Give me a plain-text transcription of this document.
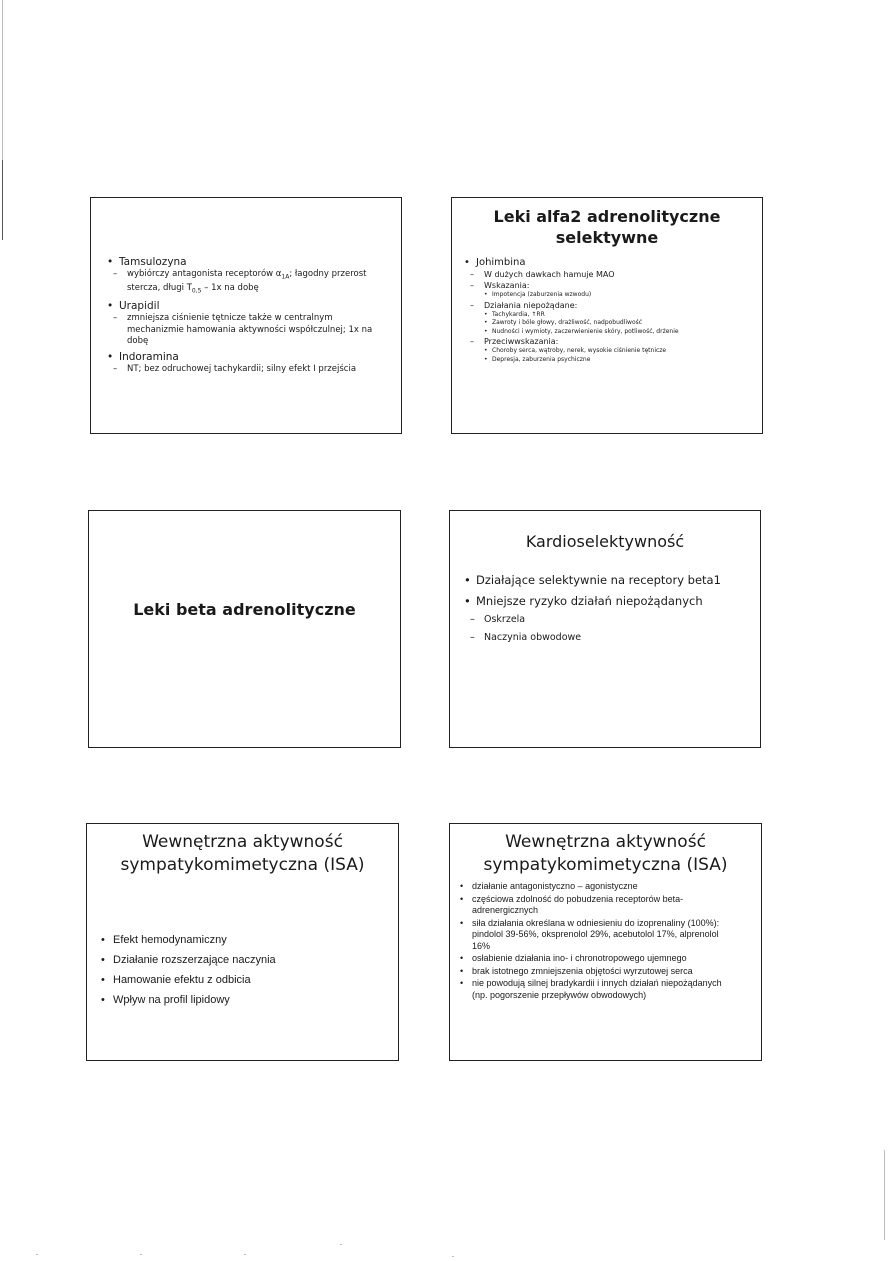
• Tamsulozyna
– wybiórczy antagonista receptorów $\alpha_{1A}$; łagodny przerost stercza, długi $T_{0,5} - 1x$ na dobę
• Urapidil
– zmniejsza ciśnienie tętnicze także w centralnym mechanizmie hamowania aktywności współczulnej; 1x na dobę
• Indoramina
– NT; bez odruchowej tachykardii; silny efekt I przejścia
Leki alfa2 adrenolityczne
selektywne
• Johimbina
– W dużych dawkach hamuje MAO
– Wskazania:
• Impotencja (zaburzenia wzwodu)
– Działania niepożądane:
• Tachykardia, ↑RR
• Zawroty i bóle głowy, drażliwość, nadpobudliwość
• Nudności i wymioty, zaczerwienienie skóry, potliwość, drżenie
– Przeciwwskazania:
• Choroby serca, wątroby, nerek, wysokie ciśnienie tętnicze
• Depresja, zaburzenia psychiczne
Leki beta adrenolityczne
Kardioselektywność
• Działające selektywnie na receptory beta1
• Mniejsze ryzyko działań niepożądanych
– Oskrzela
– Naczynia obwodowe
Wewnętrzna aktywność
sympatykomimetyczna (ISA)
• Efekt hemodynamiczny
• Działanie rozszerzające naczynia
• Hamowanie efektu z odbicia
• Wpływ na profil lipidowy
Wewnętrzna aktywność
sympatykomimetyczna (ISA)
• działanie antagonistyczno – agonistyczne
• częściowa zdolność do pobudzenia receptorów beta-adrenergicznych
• siła działania określana w odniesieniu do izoprenaliny (100%): pindolol 39-56%, oksprenolol 29%, acebutolol 17%, alprenolol 16%
• osłabienie działania ino- i chronotropowego ujemnego
• brak istotnego zmniejszenia objętości wyrzutowej serca
• nie powodują silnej bradykardii i innych działań niepożądanych (np. pogorszenie przepływów obwodowych)
